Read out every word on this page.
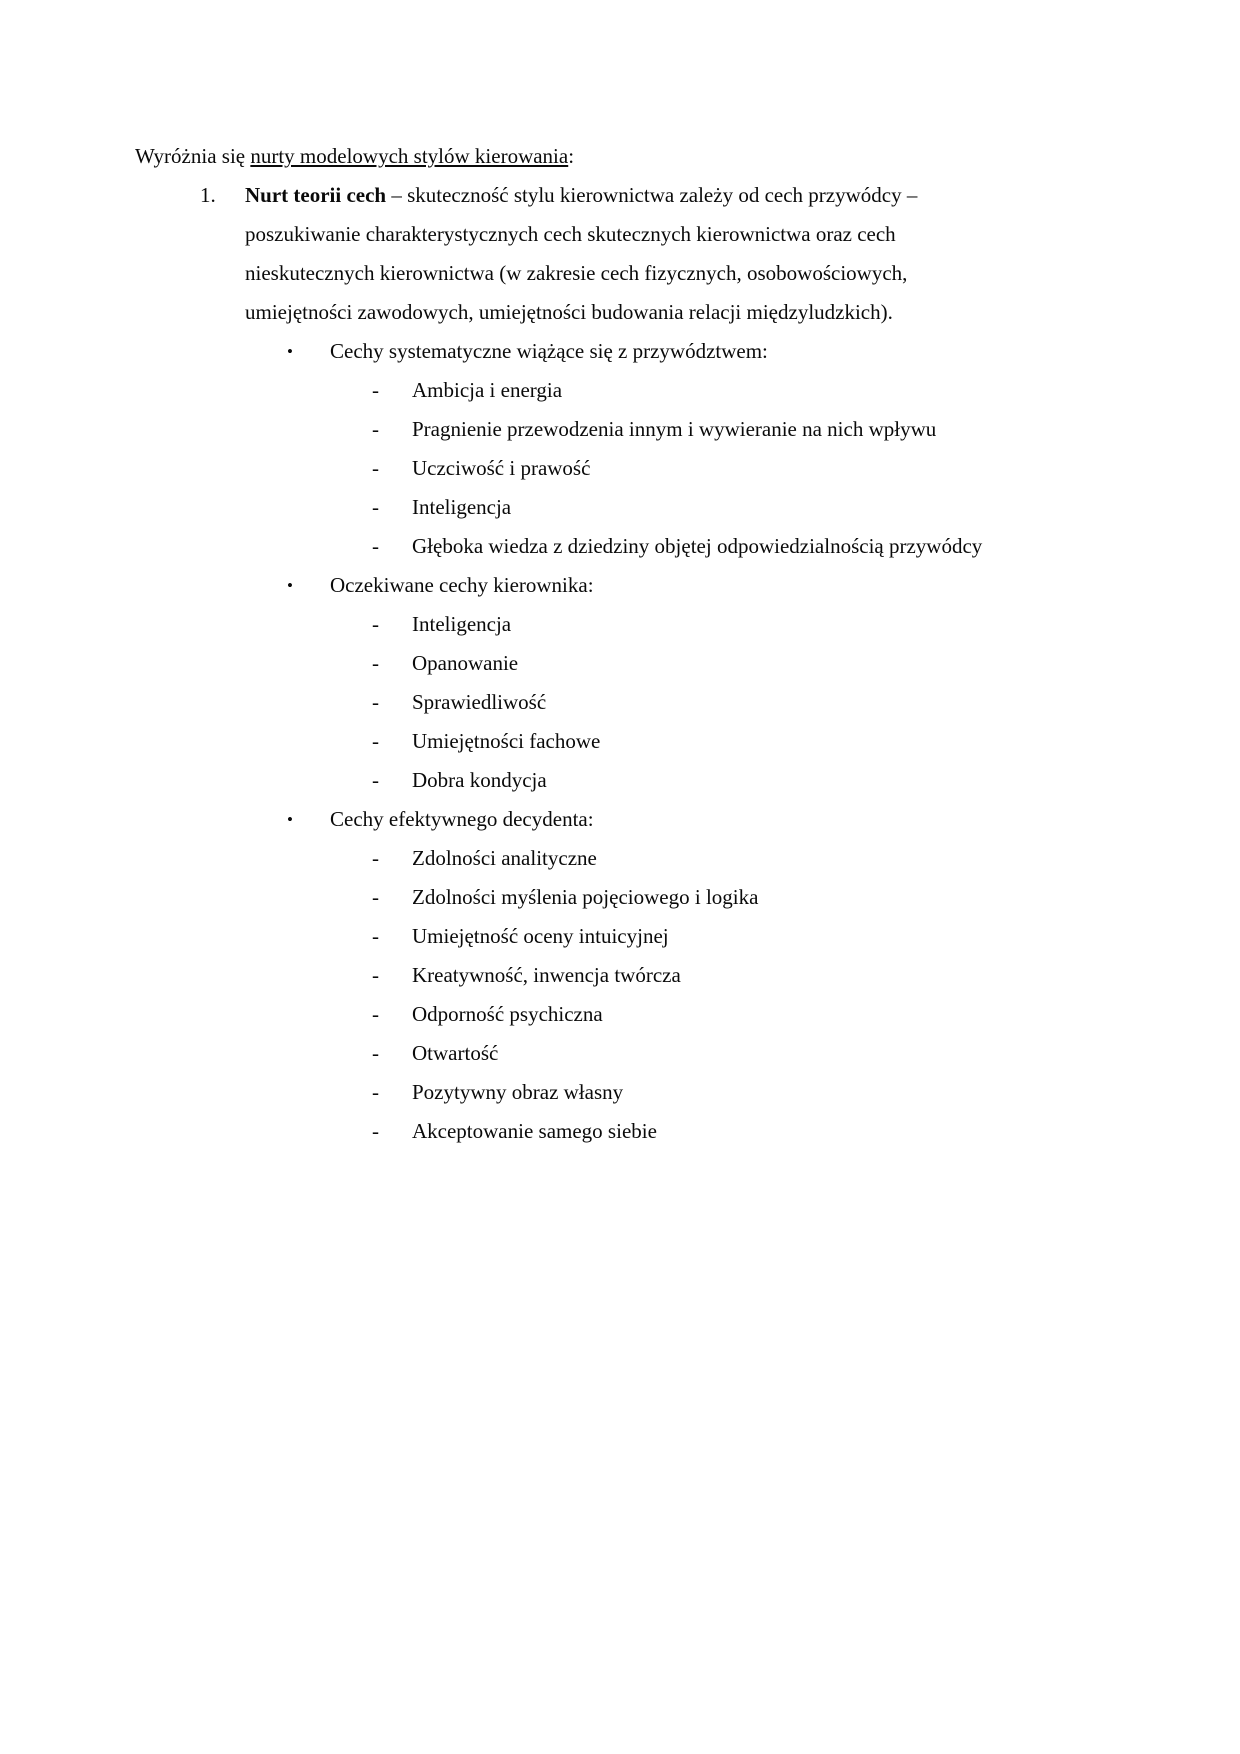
Wyróżnia się nurty modelowych stylów kierowania:

1.	Nurt teorii cech – skuteczność stylu kierownictwa zależy od cech przywódcy – poszukiwanie charakterystycznych cech skutecznych kierownictwa oraz cech nieskutecznych kierownictwa (w zakresie cech fizycznych, osobowościowych, umiejętności zawodowych, umiejętności budowania relacji międzyludzkich).
•	Cechy systematyczne wiążące się z przywództwem:
-	Ambicja i energia
-	Pragnienie przewodzenia innym i wywieranie na nich wpływu
-	Uczciwość i prawość
-	Inteligencja
-	Głęboka wiedza z dziedziny objętej odpowiedzialnością przywódcy
•	Oczekiwane cechy kierownika:
-	Inteligencja
-	Opanowanie
-	Sprawiedliwość
-	Umiejętności fachowe
-	Dobra kondycja
•	Cechy efektywnego decydenta:
-	Zdolności analityczne
-	Zdolności myślenia pojęciowego i logika
-	Umiejętność oceny intuicyjnej
-	Kreatywność, inwencja twórcza
-	Odporność psychiczna
-	Otwartość
-	Pozytywny obraz własny
-	Akceptowanie samego siebie
